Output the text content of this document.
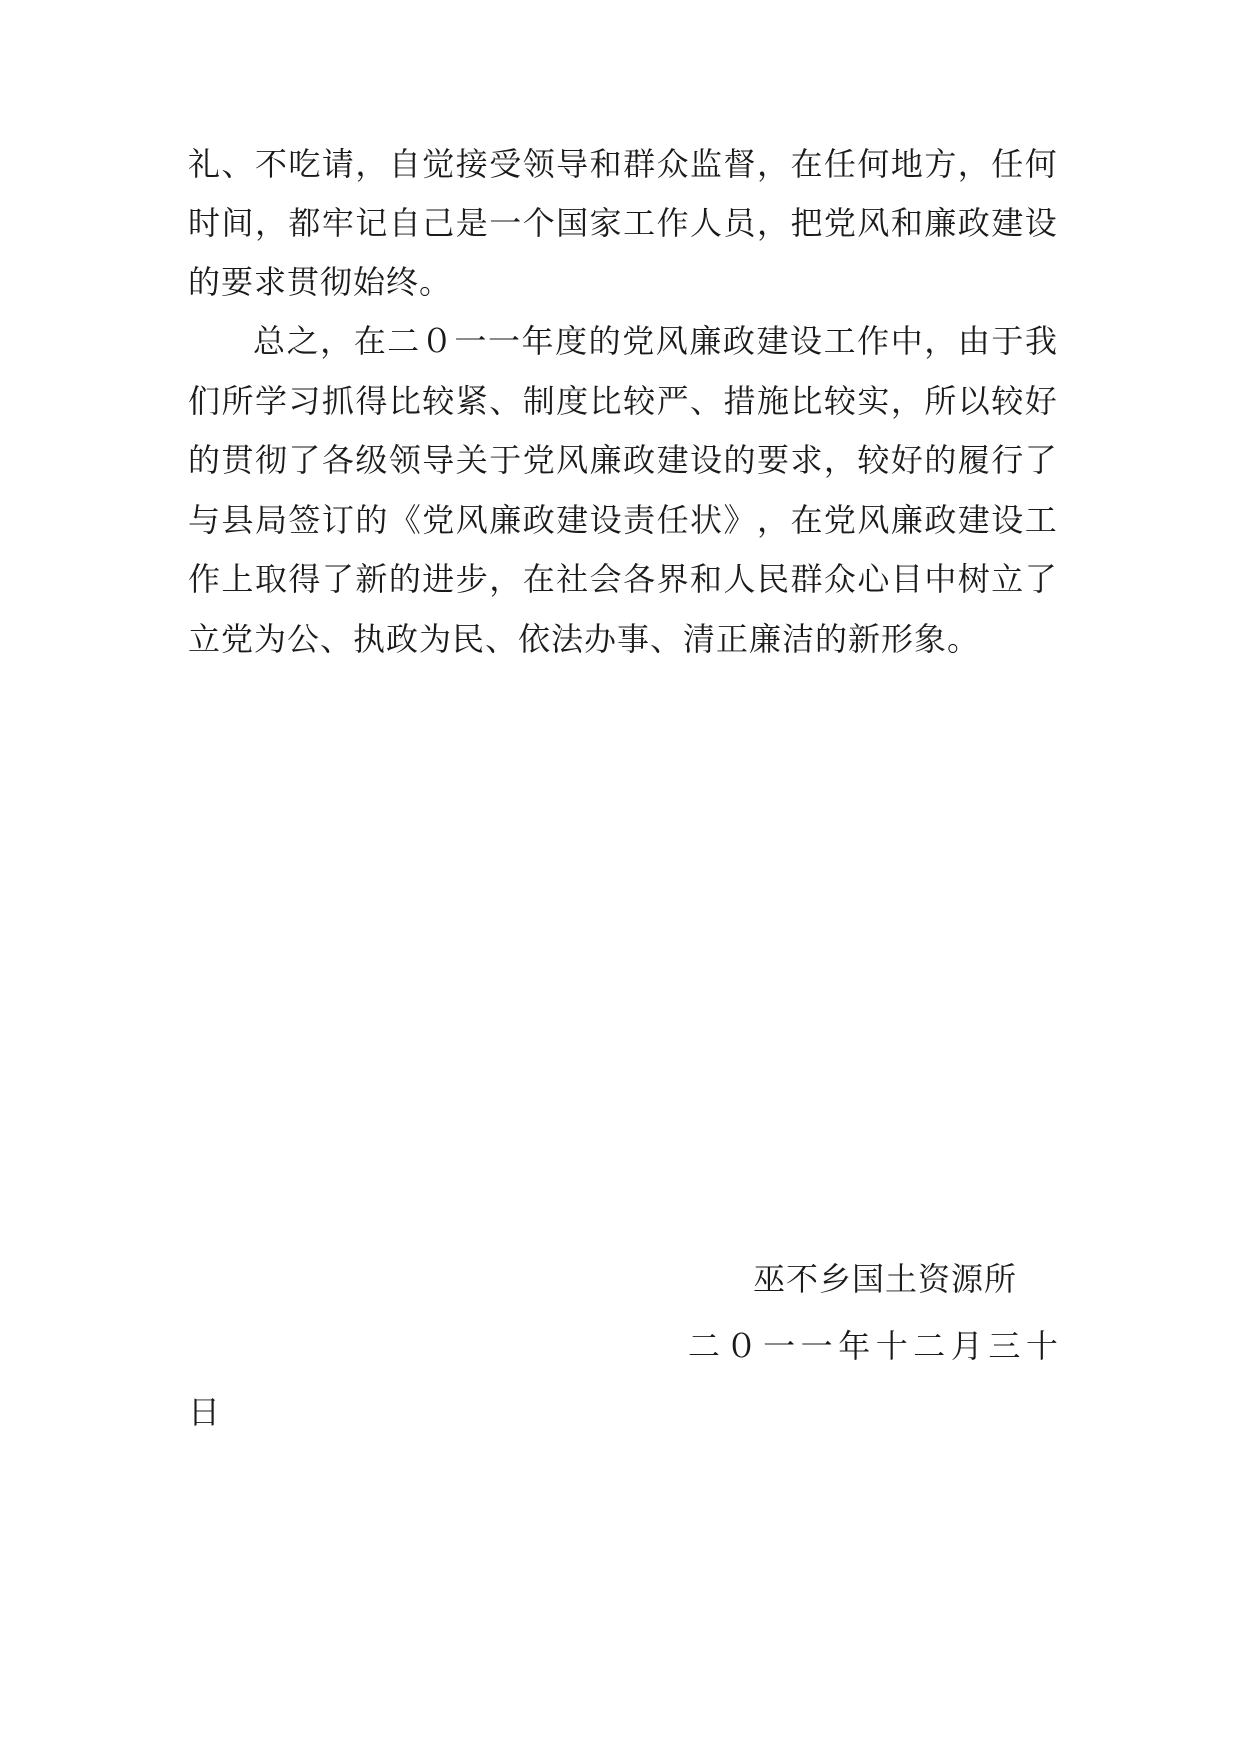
礼 、 不 吃 请 ， 自 觉 接 受 领 导 和 群 众 监 督 ， 在 任 何 地 方 ， 任 何
时 间 ， 都 牢 记 自 己 是 一 个 国 家 工 作 人 员 ， 把 党 风 和 廉 政 建 设
的要求贯彻始终。
总 之 ， 在 二 ０ 一 一 年 度 的 党 风 廉 政 建 设 工 作 中 ， 由 于 我
们 所 学 习 抓 得 比 较 紧 、 制 度 比 较 严 、 措 施 比 较 实 ， 所 以 较 好
的 贯 彻 了 各 级 领 导 关 于 党 风 廉 政 建 设 的 要 求 ， 较 好 的 履 行 了
与 县 局 签 订 的 《 党 风 廉 政 建 设 责 任 状 》 ， 在 党 风 廉 政 建 设 工
作 上 取 得 了 新 的 进 步 ， 在 社 会 各 界 和 人 民 群 众 心 目 中 树 立 了
立党为公、执政为民、依法办事、清正廉洁的新形象。
巫不乡国土资源所
二 ０ 一 一 年 十 二 月 三 十
日
